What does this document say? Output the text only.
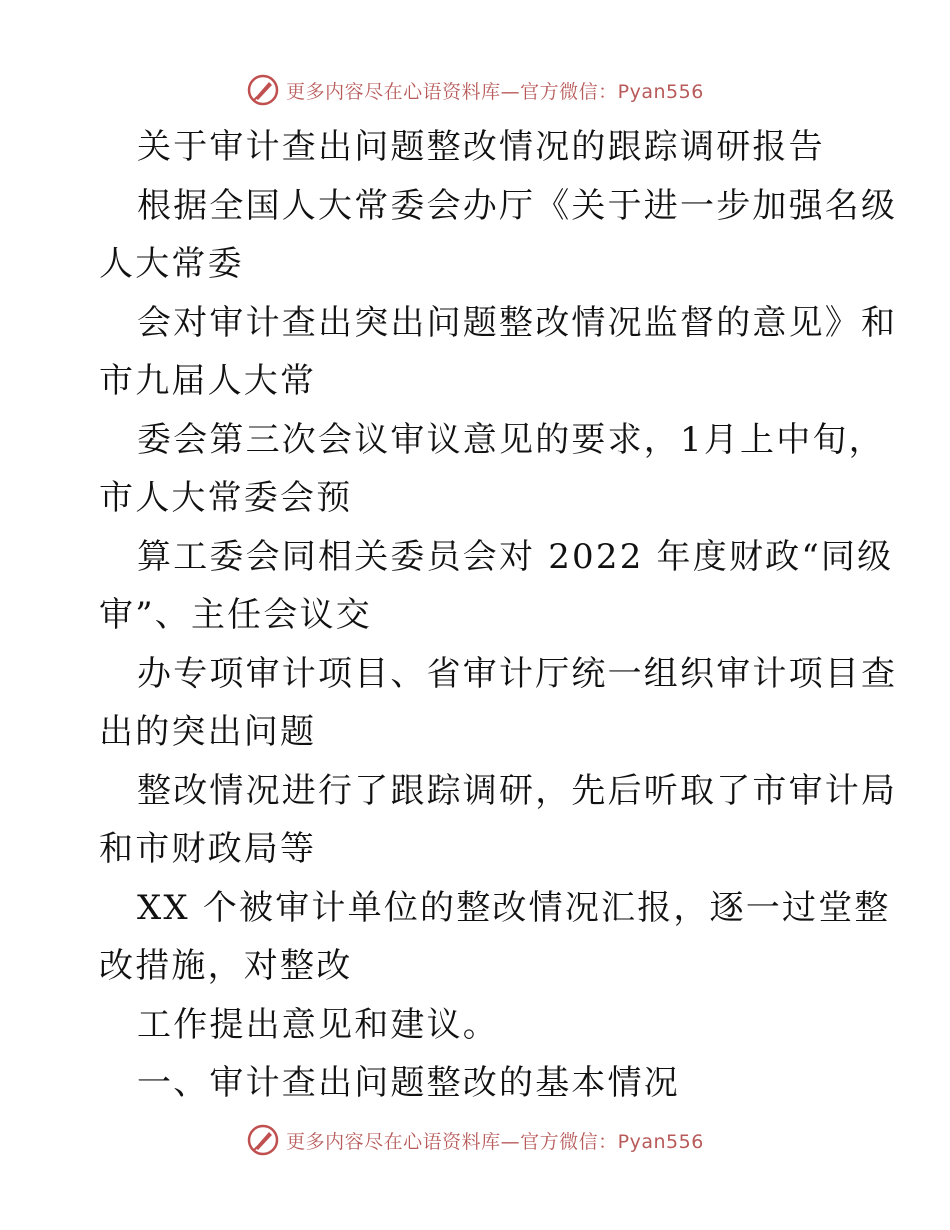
更多内容尽在心语资料库—官方微信：Pyan556
关于审计查出问题整改情况的跟踪调研报告
根据全国人大常委会办厅《关于进一步加强名级
人大常委
会对审计查出突出问题整改情况监督的意见》和
市九届人大常
委会第三次会议审议意见的要求，1月上中旬，
市人大常委会预
算工委会同相关委员会对 2022 年度财政“同级
审”、主任会议交
办专项审计项目、省审计厅统一组织审计项目查
出的突出问题
整改情况进行了跟踪调研，先后听取了市审计局
和市财政局等
XX 个被审计单位的整改情况汇报，逐一过堂整
改措施，对整改
工作提出意见和建议。
一、审计查出问题整改的基本情况
更多内容尽在心语资料库—官方微信：Pyan556
